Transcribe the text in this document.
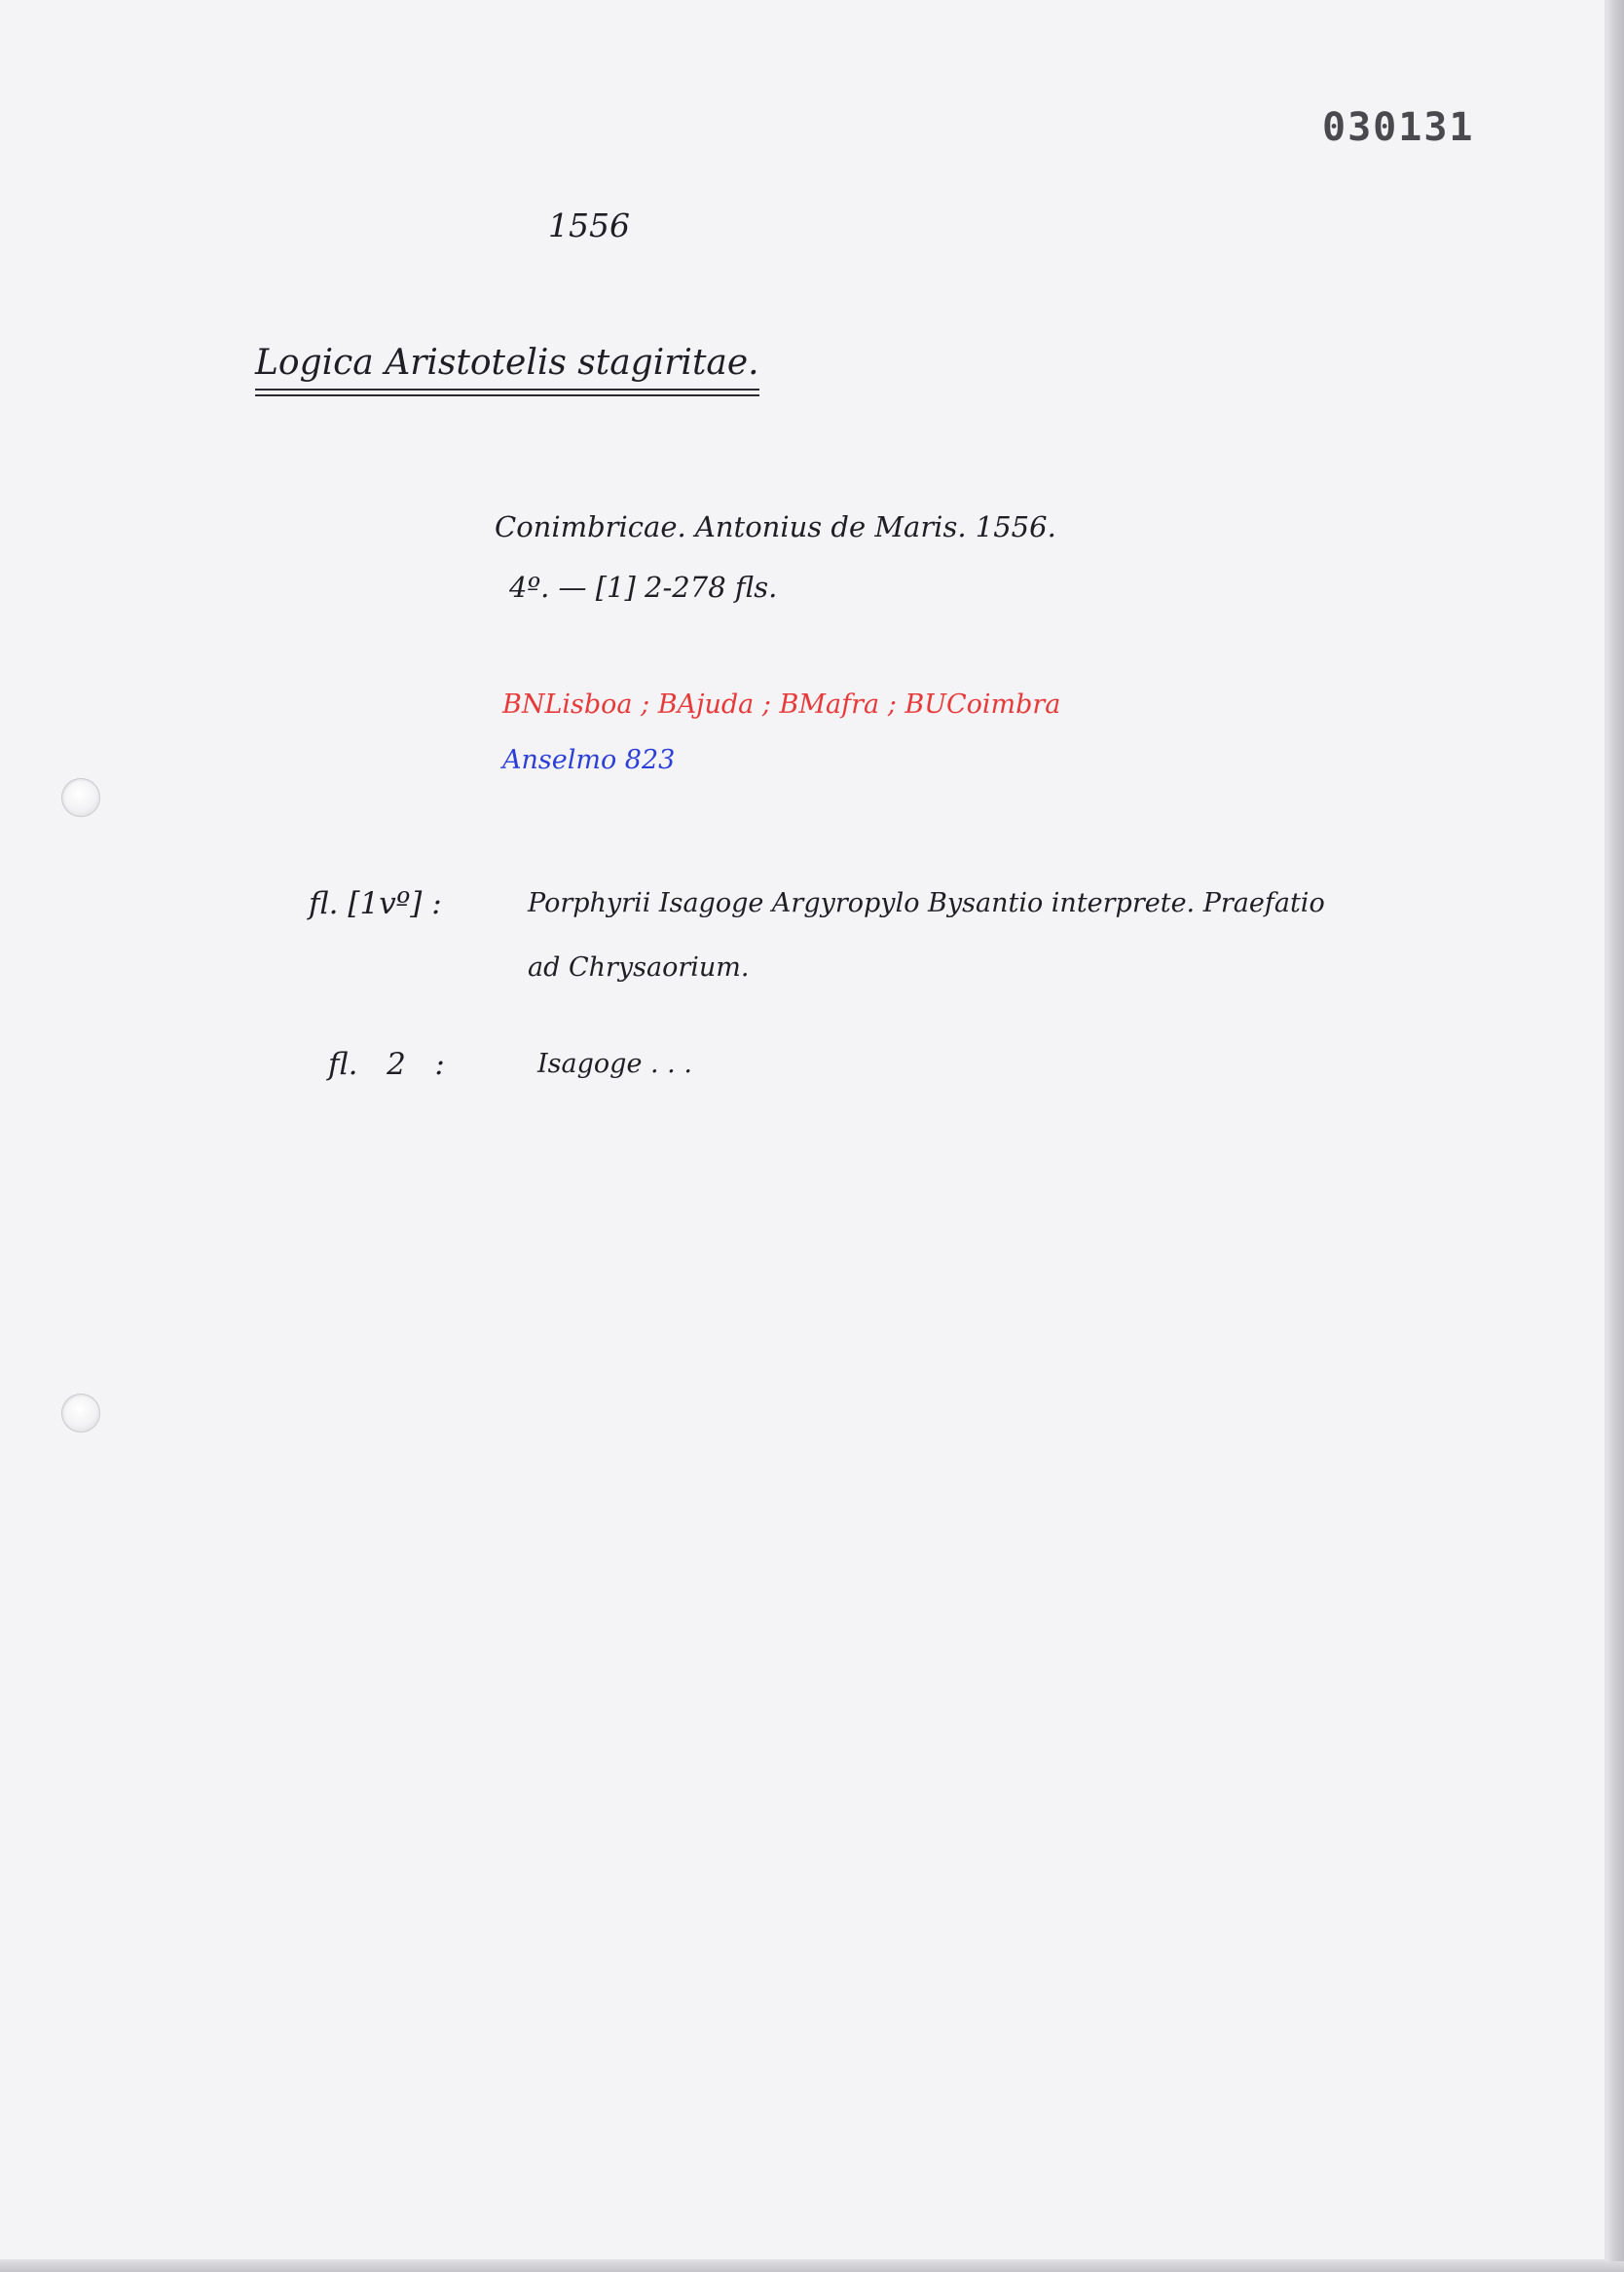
030131
1556
Logica Aristotelis stagiritae.
Conimbricae. Antonius de Maris. 1556.
4º. — [1] 2-278 fls.
BNLisboa ; BAjuda ; BMafra ; BUCoimbra
Anselmo 823
fl. [1vº] :	Porphyrii Isagoge Argyropylo Bysantio interprete. Praefatio
ad Chrysaorium.
fl.   2   :	Isagoge . . .
